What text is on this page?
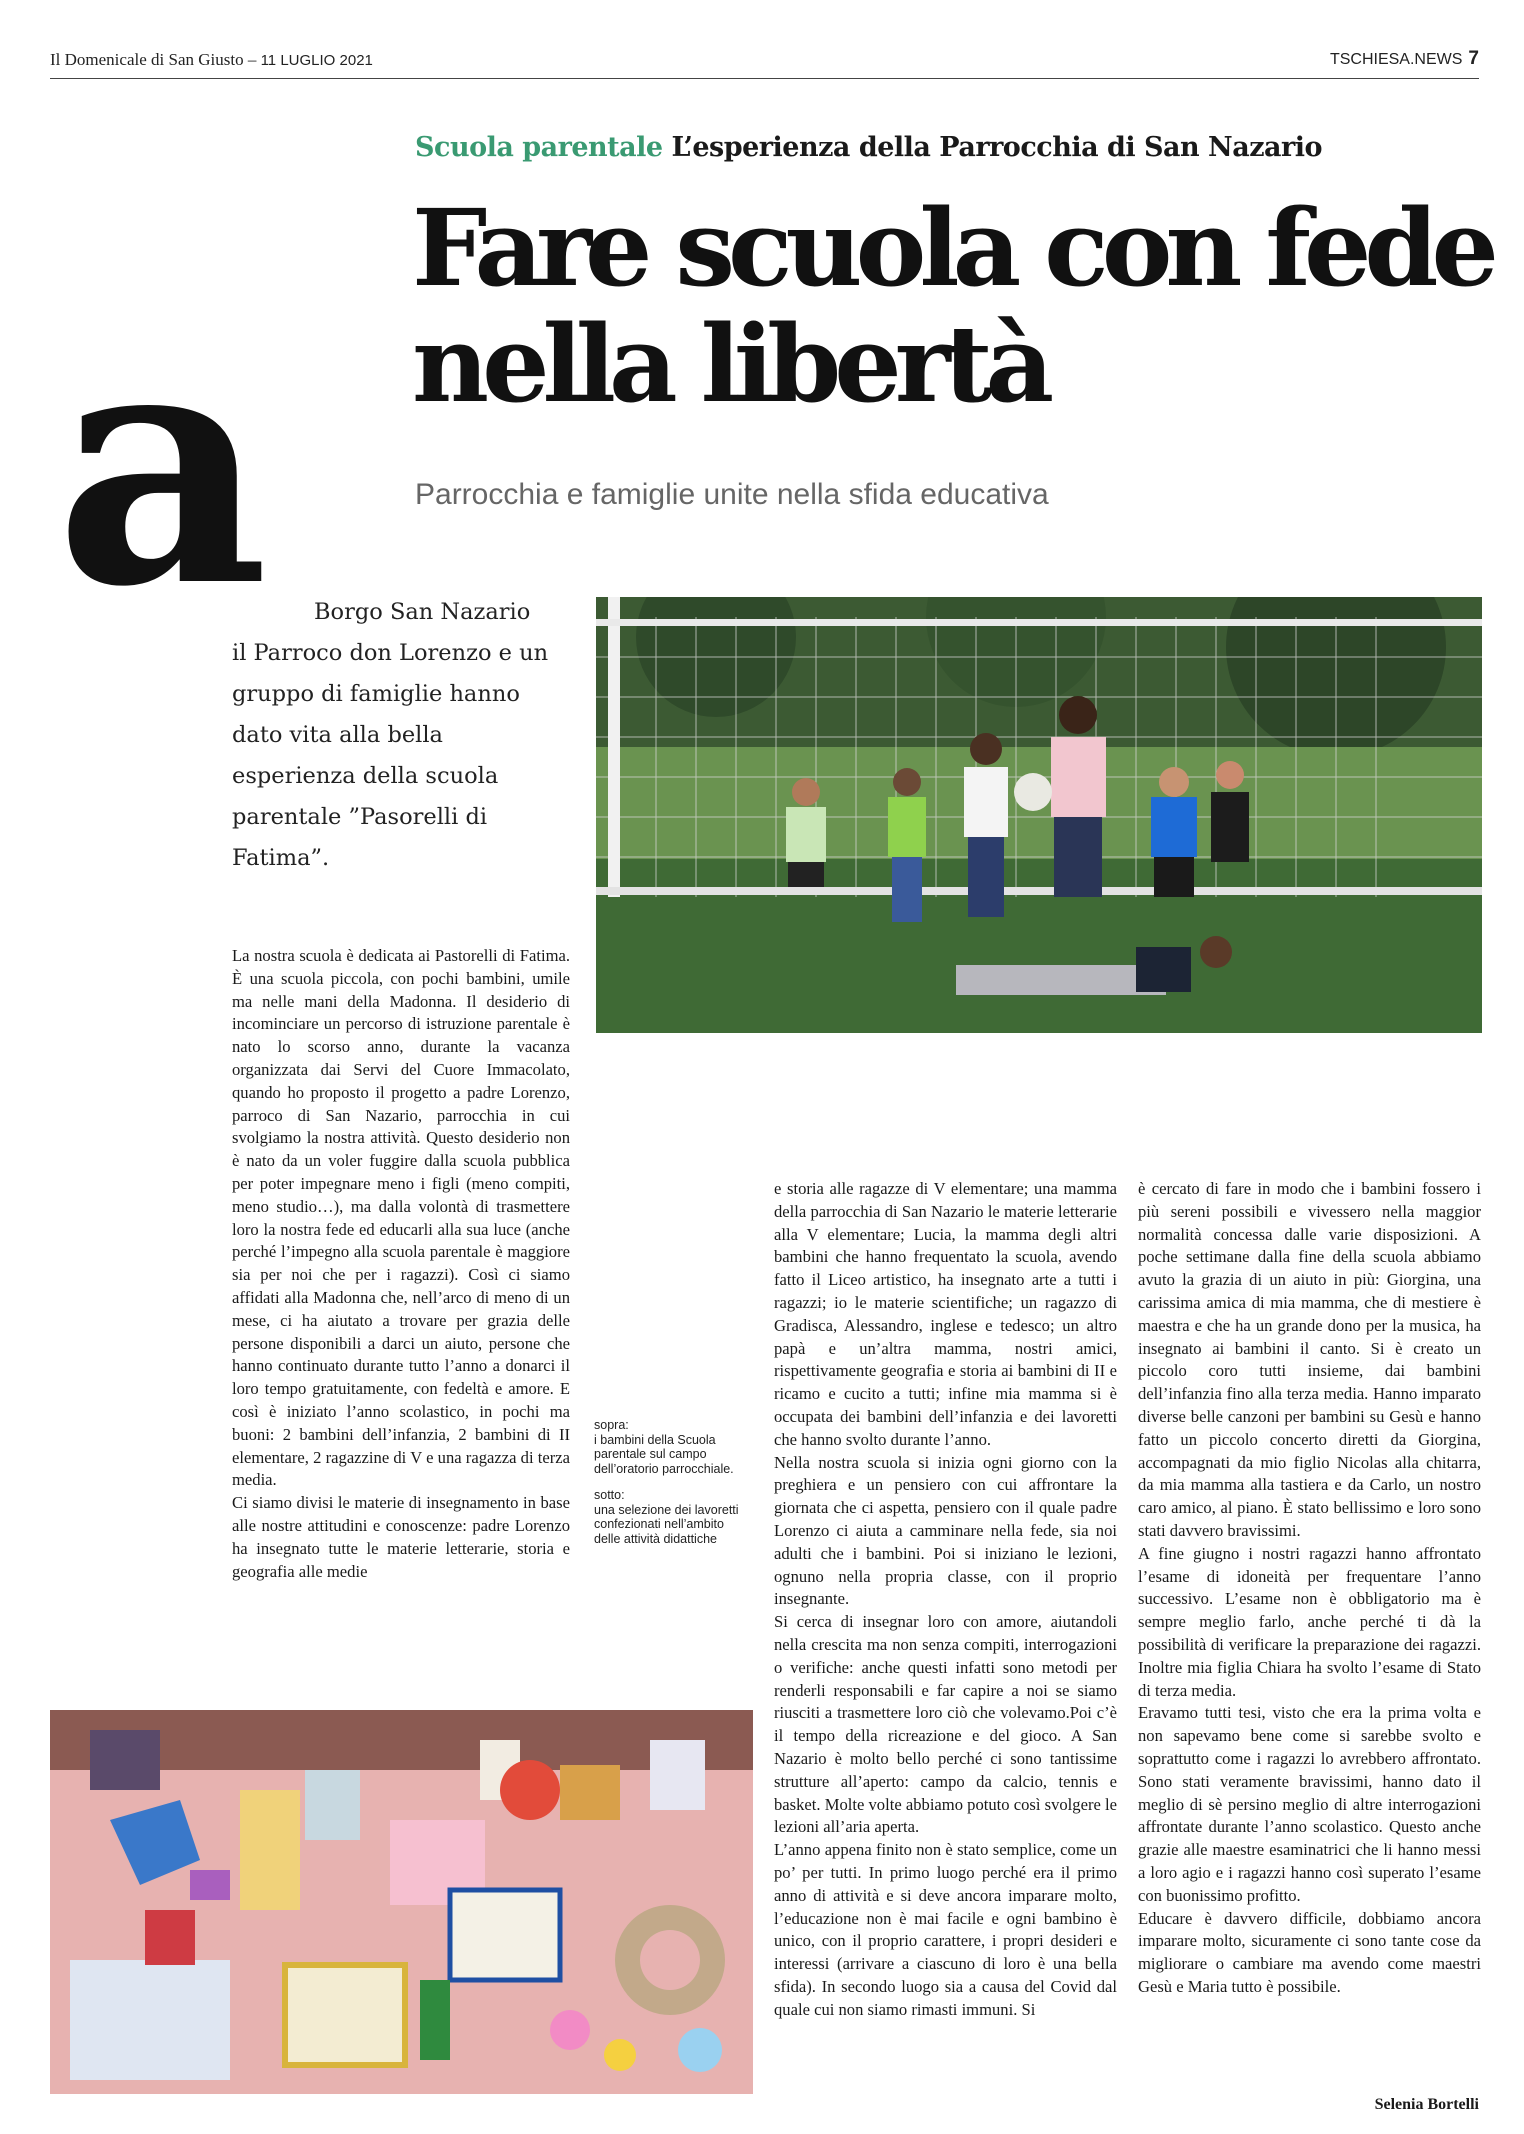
Il Domenicale di San Giusto – 11 LUGLIO 2021	TSCHIESA.NEWS 7
Scuola parentale L’esperienza della Parrocchia di San Nazario
Fare scuola con fede nella libertà
Parrocchia e famiglie unite nella sfida educativa
a	Borgo San Nazario
il Parroco don Lorenzo e un gruppo di famiglie hanno dato vita alla bella esperienza della scuola parentale ”Pasorelli di Fatima”.
sopra:
i bambini della Scuola parentale sul campo dell’oratorio parrocchiale.
sotto:
una selezione dei lavoretti confezionati nell’ambito delle attività didattiche

La nostra scuola è dedicata ai Pastorelli di Fatima. È una scuola piccola, con pochi bambini, umile ma nelle mani della Madonna. Il desiderio di incominciare un percorso di istruzione parentale è nato lo scorso anno, durante la vacanza organizzata dai Servi del Cuore Immacolato, quando ho proposto il progetto a padre Lorenzo, parroco di San Nazario, parrocchia in cui svolgiamo la nostra attività. Questo desiderio non è nato da un voler fuggire dalla scuola pubblica per poter impegnare meno i figli (meno compiti, meno studio…), ma dalla volontà di trasmettere loro la nostra fede ed educarli alla sua luce (anche perché l’impegno alla scuola parentale è maggiore sia per noi che per i ragazzi). Così ci siamo affidati alla Madonna che, nell’arco di meno di un mese, ci ha aiutato a trovare per grazia delle persone disponibili a darci un aiuto, persone che hanno continuato durante tutto l’anno a donarci il loro tempo gratuitamente, con fedeltà e amore. E così è iniziato l’anno scolastico, in pochi ma buoni: 2 bambini dell’infanzia, 2 bambini di II elementare, 2 ragazzine di V e una ragazza di terza media.

Ci siamo divisi le materie di insegnamento in base alle nostre attitudini e conoscenze: padre Lorenzo ha insegnato tutte le materie letterarie, storia e geografia alle medie

e storia alle ragazze di V elementare; una mamma della parrocchia di San Nazario le materie letterarie alla V elementare; Lucia, la mamma degli altri bambini che hanno frequentato la scuola, avendo fatto il Liceo artistico, ha insegnato arte a tutti i ragazzi; io le materie scientifiche; un ragazzo di Gradisca, Alessandro, inglese e tedesco; un altro papà e un’altra mamma, nostri amici, rispettivamente geografia e storia ai bambini di II e ricamo e cucito a tutti; infine mia mamma si è occupata dei bambini dell’infanzia e dei lavoretti che hanno svolto durante l’anno.

Nella nostra scuola si inizia ogni giorno con la preghiera e un pensiero con cui affrontare la giornata che ci aspetta, pensiero con il quale padre Lorenzo ci aiuta a camminare nella fede, sia noi adulti che i bambini. Poi si iniziano le lezioni, ognuno nella propria classe, con il proprio insegnante.

Si cerca di insegnar loro con amore, aiutandoli nella crescita ma non senza compiti, interrogazioni o verifiche: anche questi infatti sono metodi per renderli responsabili e far capire a noi se siamo riusciti a trasmettere loro ciò che volevamo.Poi c’è il tempo della ricreazione e del gioco. A San Nazario è molto bello perché ci sono tantissime strutture all’aperto: campo da calcio, tennis e basket. Molte volte abbiamo potuto così svolgere le lezioni all’aria aperta.

L’anno appena finito non è stato semplice, come un po’ per tutti. In primo luogo perché era il primo anno di attività e si deve ancora imparare molto, l’educazione non è mai facile e ogni bambino è unico, con il proprio carattere, i propri desideri e interessi (arrivare a ciascuno di loro è una bella sfida). In secondo luogo sia a causa del Covid dal quale cui non siamo rimasti immuni. Si

è cercato di fare in modo che i bambini fossero i più sereni possibili e vivessero nella maggior normalità concessa dalle varie disposizioni. A poche settimane dalla fine della scuola abbiamo avuto la grazia di un aiuto in più: Giorgina, una carissima amica di mia mamma, che di mestiere è maestra e che ha un grande dono per la musica, ha insegnato ai bambini il canto. Si è creato un piccolo coro tutti insieme, dai bambini dell’infanzia fino alla terza media. Hanno imparato diverse belle canzoni per bambini su Gesù e hanno fatto un piccolo concerto diretti da Giorgina, accompagnati da mio figlio Nicolas alla chitarra, da mia mamma alla tastiera e da Carlo, un nostro caro amico, al piano. È stato bellissimo e loro sono stati davvero bravissimi.

A fine giugno i nostri ragazzi hanno affrontato l’esame di idoneità per frequentare l’anno successivo. L’esame non è obbligatorio ma è sempre meglio farlo, anche perché ti dà la possibilità di verificare la preparazione dei ragazzi. Inoltre mia figlia Chiara ha svolto l’esame di Stato di terza media.

Eravamo tutti tesi, visto che era la prima volta e non sapevamo bene come si sarebbe svolto e soprattutto come i ragazzi lo avrebbero affrontato. Sono stati veramente bravissimi, hanno dato il meglio di sè persino meglio di altre interrogazioni affrontate durante l’anno scolastico. Questo anche grazie alle maestre esaminatrici che li hanno messi a loro agio e i ragazzi hanno così superato l’esame con buonissimo profitto.

Educare è davvero difficile, dobbiamo ancora imparare molto, sicuramente ci sono tante cose da migliorare o cambiare ma avendo come maestri Gesù e Maria tutto è possibile.

Selenia Bortelli
